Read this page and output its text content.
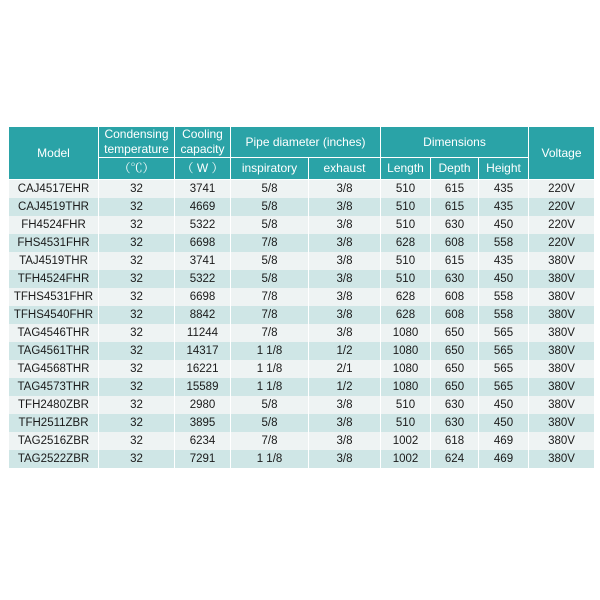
Model	Condensing temperature	Cooling capacity	Pipe diameter (inches)		Dimensions			Voltage
	（℃）	（ W ）	inspiratory	exhaust	Length	Depth	Height	
CAJ4517EHR	32	3741	5/8	3/8	510	615	435	220V
CAJ4519THR	32	4669	5/8	3/8	510	615	435	220V
FH4524FHR	32	5322	5/8	3/8	510	630	450	220V
FHS4531FHR	32	6698	7/8	3/8	628	608	558	220V
TAJ4519THR	32	3741	5/8	3/8	510	615	435	380V
TFH4524FHR	32	5322	5/8	3/8	510	630	450	380V
TFHS4531FHR	32	6698	7/8	3/8	628	608	558	380V
TFHS4540FHR	32	8842	7/8	3/8	628	608	558	380V
TAG4546THR	32	11244	7/8	3/8	1080	650	565	380V
TAG4561THR	32	14317	1 1/8	1/2	1080	650	565	380V
TAG4568THR	32	16221	1 1/8	2/1	1080	650	565	380V
TAG4573THR	32	15589	1 1/8	1/2	1080	650	565	380V
TFH2480ZBR	32	2980	5/8	3/8	510	630	450	380V
TFH2511ZBR	32	3895	5/8	3/8	510	630	450	380V
TAG2516ZBR	32	6234	7/8	3/8	1002	618	469	380V
TAG2522ZBR	32	7291	1 1/8	3/8	1002	624	469	380V
